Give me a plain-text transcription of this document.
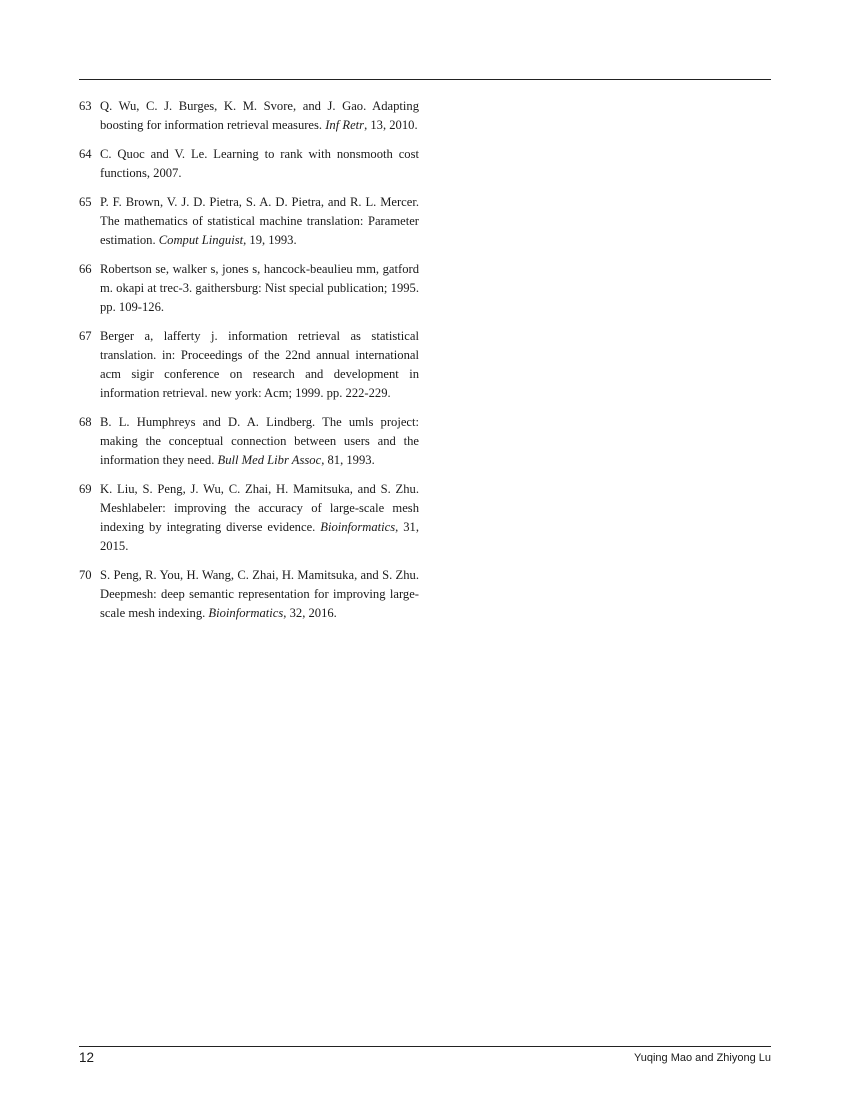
63 Q. Wu, C. J. Burges, K. M. Svore, and J. Gao. Adapting boosting for information retrieval measures. Inf Retr, 13, 2010.
64 C. Quoc and V. Le. Learning to rank with nonsmooth cost functions, 2007.
65 P. F. Brown, V. J. D. Pietra, S. A. D. Pietra, and R. L. Mercer. The mathematics of statistical machine translation: Parameter estimation. Comput Linguist, 19, 1993.
66 Robertson se, walker s, jones s, hancock-beaulieu mm, gatford m. okapi at trec-3. gaithersburg: Nist special publication; 1995. pp. 109-126.
67 Berger a, lafferty j. information retrieval as statistical translation. in: Proceedings of the 22nd annual international acm sigir conference on research and development in information retrieval. new york: Acm; 1999. pp. 222-229.
68 B. L. Humphreys and D. A. Lindberg. The umls project: making the conceptual connection between users and the information they need. Bull Med Libr Assoc, 81, 1993.
69 K. Liu, S. Peng, J. Wu, C. Zhai, H. Mamitsuka, and S. Zhu. Meshlabeler: improving the accuracy of large-scale mesh indexing by integrating diverse evidence. Bioinformatics, 31, 2015.
70 S. Peng, R. You, H. Wang, C. Zhai, H. Mamitsuka, and S. Zhu. Deepmesh: deep semantic representation for improving large-scale mesh indexing. Bioinformatics, 32, 2016.
12	Yuqing Mao and Zhiyong Lu
